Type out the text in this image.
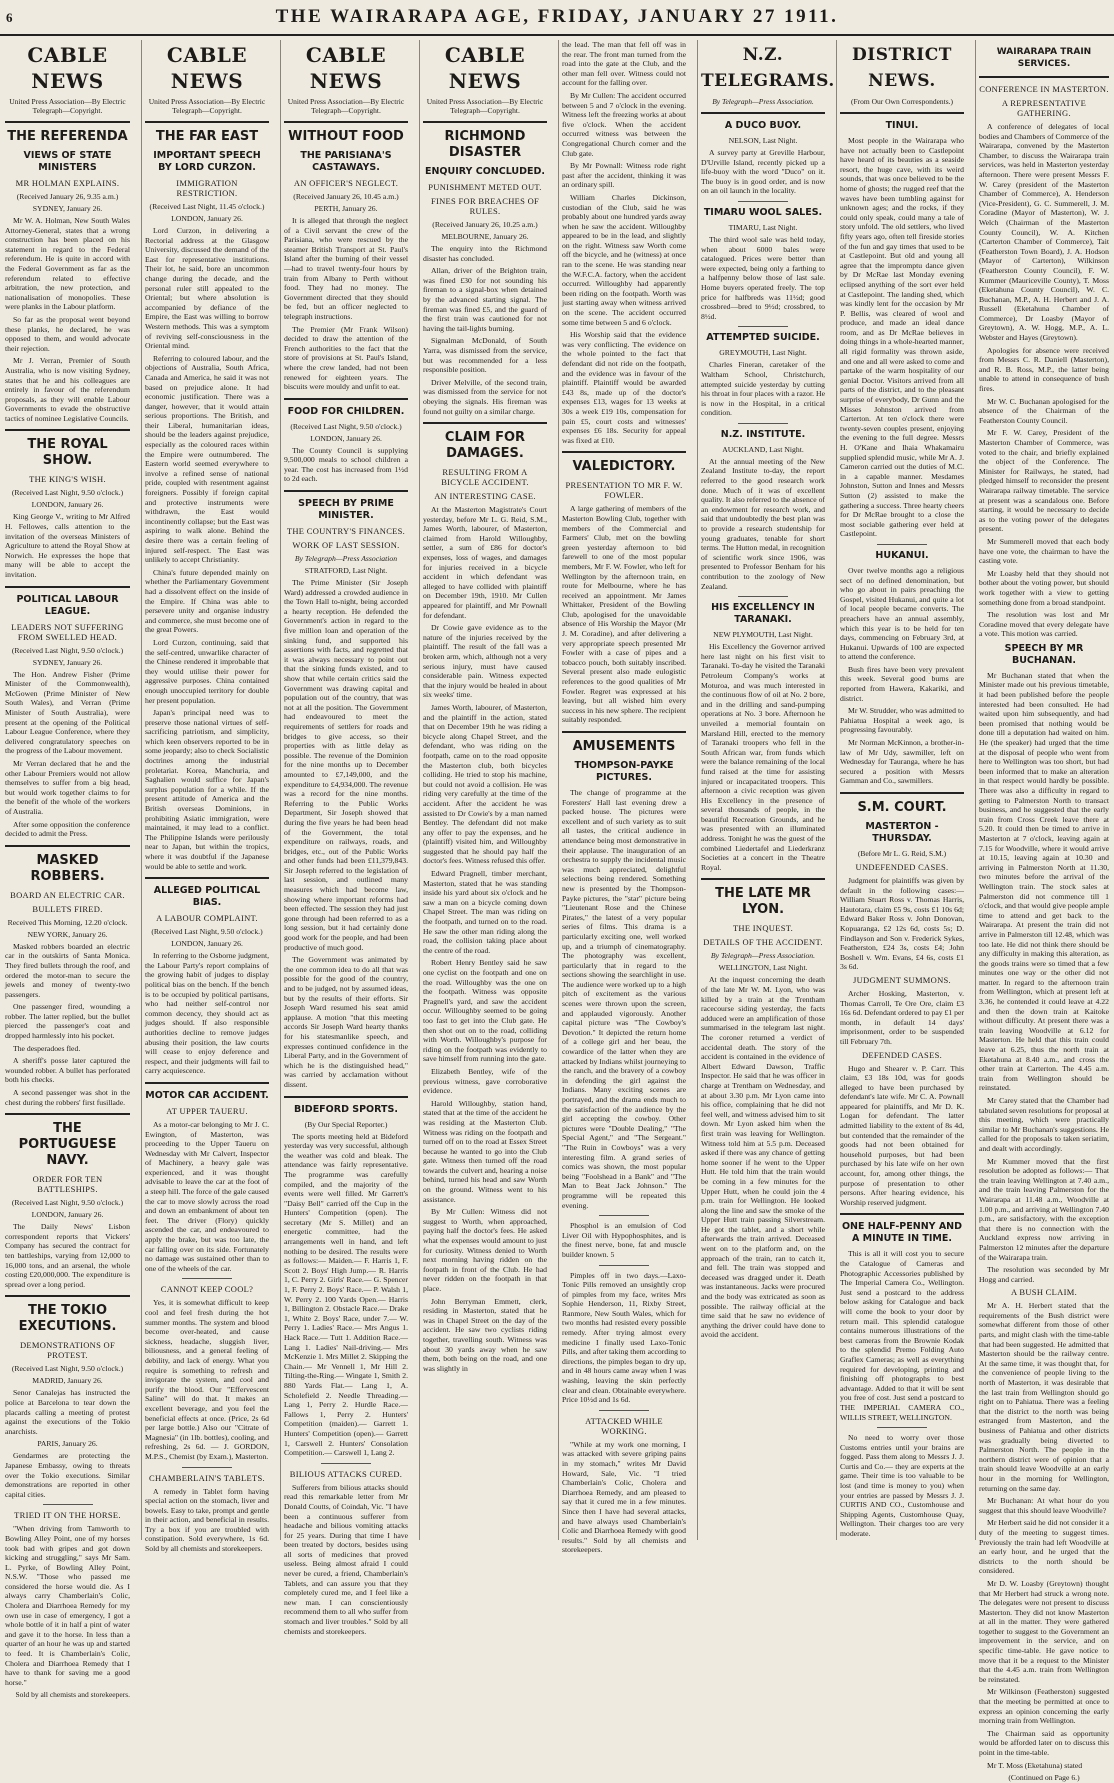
6	THE WAIRARAPA AGE, FRIDAY, JANUARY 27 1911.
CABLE NEWS
United Press Association—By Electric Telegraph—Copyright.
THE REFERENDA
VIEWS OF STATE MINISTERS
MR HOLMAN EXPLAINS.
(Received January 26, 9.35 a.m.)
SYDNEY, January 26.

Mr W. A. Holman, New South Wales Attorney-General, states that a wrong construction has been placed on his statement in regard to the Federal referendum. He is quite in accord with the Federal Government as far as the referendum related to effective arbitration, the new protection, and nationalisation of monopolies. These were planks in the Labour platform.

So far as the proposal went beyond these planks, he declared, he was opposed to them, and would advocate their rejection.

Mr J. Verran, Premier of South Australia, who is now visiting Sydney, states that he and his colleagues are entirely in favour of the referendum proposals, as they will enable Labour Governments to evade the obstructive tactics of nominee Legislative Councils.

THE ROYAL SHOW.
THE KING'S WISH.
(Received Last Night, 9.50 o'clock.)
LONDON, January 26.

King George V., writing to Mr Alfred H. Fellowes, calls attention to the invitation of the overseas Ministers of Agriculture to attend the Royal Show at Norwich. He expresses the hope that many will be able to accept the invitation.

POLITICAL LABOUR LEAGUE.
LEADERS NOT SUFFERING FROM SWELLED HEAD.
(Received Last Night, 9.50 o'clock.)
SYDNEY, January 26.

The Hon. Andrew Fisher (Prime Minister of the Commonwealth), McGowen (Prime Minister of New South Wales), and Verran (Prime Minister of South Australia), were present at the opening of the Political Labour League Conference, where they delivered congratulatory speeches on the progress of the Labour movement.

Mr Verran declared that he and the other Labour Premiers would not allow themselves to suffer from a big head, but would work together claims to for the benefit of the whole of the workers of Australia.

After some opposition the conference decided to admit the Press.

MASKED ROBBERS.
BOARD AN ELECTRIC CAR.
BULLETS FIRED.
Received This Morning, 12.20 o'clock.
NEW YORK, January 26.

Masked robbers boarded an electric car in the outskirts of Santa Monica. They fired bullets through the roof, and ordered the motor-man to secure the jewels and money of twenty-two passengers.

One passenger fired, wounding a robber. The latter replied, but the bullet pierced the passenger's coat and dropped harmlessly into his pocket.

The desperadoes fled.

A sheriff's posse later captured the wounded robber. A bullet has perforated both his checks.

A second passenger was shot in the chest during the robbers' first fusillade.

THE PORTUGUESE NAVY.
ORDER FOR TEN BATTLESHIPS.
(Received Last Night, 9.50 o'clock.)
LONDON, January 26.

The Daily News' Lisbon correspondent reports that Vickers' Company has secured the contract for ten battleships, varying from 12,000 to 16,000 tons, and an arsenal, the whole costing £20,000,000. The expenditure is spread over a long period.

THE TOKIO EXECUTIONS.
DEMONSTRATIONS OF PROTEST.
(Received Last Night, 9.50 o'clock.)
MADRID, January 26.

Senor Canalejas has instructed the police at Barcelona to tear down the placards calling a meeting of protest against the executions of the Tokio anarchists.

PARIS, January 26.

Gendarmes are protecting the Japanese Embassy, owing to threats over the Tokio executions. Similar demonstrations are reported in other capital cities.

TRIED IT ON THE HORSE.

"When driving from Tamworth to Bowling Alley Point, one of my horses took bad with gripes and got down kicking and struggling," says Mr Sam. L. Pyrke, of Bowling Alley Point, N.S.W. "Those who passed me considered the horse would die. As I always carry Chamberlain's Colic, Cholera and Diarrhoea Remedy for my own use in case of emergency, I got a whole bottle of it in half a pint of water and gave it to the horse. In less than a quarter of an hour he was up and started to feed. It is Chamberlain's Colic, Cholera and Diarrhoea Remedy that I have to thank for saving me a good horse."

Sold by all chemists and storekeepers.
CABLE NEWS
United Press Association—By Electric Telegraph—Copyright.
THE FAR EAST
IMPORTANT SPEECH BY LORD CURZON.
IMMIGRATION RESTRICTION.
(Received Last Night, 11.45 o'clock.)
LONDON, January 26.

Lord Curzon, in delivering a Rectorial address at the Glasgow University, discussed the demand of the East for representative institutions. Their lot, he said, bore an uncommon change during the decade, and the personal ruler still appealed to the Oriental; but where absolution is accompanied by defiance of the Empire, the East was willing to borrow Western methods. This was a symptom of reviving self-consciousness in the Oriental mind.

Referring to coloured labour, and the objections of Australia, South Africa, Canada and America, he said it was not based on prejudice alone. It had economic justification. There was a danger, however, that it would attain serious proportions. The British, and their Liberal, humanitarian ideas, should be the leaders against prejudice, especially as the coloured races within the Empire were outnumbered. The Eastern world seemed everywhere to involve a refined sense of national pride, coupled with resentment against foreigners. Possibly if foreign capital and protective instruments were withdrawn, the East would incontinently collapse; but the East was aspiring to walk alone. Behind the desire there was a certain feeling of injured self-respect. The East was unlikely to accept Christianity.

China's future depended mainly on whether the Parliamentary Government had a dissolvent effect on the inside of the Empire. If China was able to persevere unity and organise industry and commerce, she must become one of the great Powers.

Lord Curzon, continuing, said that the self-centred, unwarlike character of the Chinese rendered it improbable that they would utilise their power for aggressive purposes. China contained enough unoccupied territory for double her present population.

Japan's principal need was to preserve those national virtues of self-sacrificing patriotism, and simplicity, which keen observers reported to be in some jeopardy; also to check Socialistic doctrines among the industrial proletariat. Korea, Manchuria, and Saghalien would suffice for Japan's surplus population for a while. If the present attitude of America and the British overseas Dominions, in prohibiting Asiatic immigration, were maintained, it may lead to a conflict. The Philippine Islands were perilously near to Japan, but within the tropics, where it was doubtful if the Japanese would be able to settle and work.

ALLEGED POLITICAL BIAS.
A LABOUR COMPLAINT.
(Received Last Night, 9.50 o'clock.)
LONDON, January 26.

In referring to the Osborne judgment, the Labour Party's report complains of the growing habit of judges to display political bias on the bench. If the bench is to be occupied by political partisans, who had neither self-control nor common decency, they should act as judges should. If also responsible authorities decline to remove judges abusing their position, the law courts will cease to enjoy deference and respect, and their judgments will fail to carry acquiescence.

MOTOR CAR ACCIDENT.
AT UPPER TAUERU.

As a motor-car belonging to Mr J. C. Ewington, of Masterton, was proceeding to the Upper Taueru on Wednesday with Mr Calvert, Inspector of Machinery, a heavy gale was experienced, and it was thought advisable to leave the car at the foot of a steep hill. The force of the gale caused the car to move slowly across the road and down an embankment of about ten feet. The driver (Flory) quickly ascended the car, and endeavoured to apply the brake, but was too late, the car falling over on its side. Fortunately no damage was sustained other than to one of the wheels of the car.

CANNOT KEEP COOL?

Yes, it is somewhat difficult to keep cool and feel fresh during the hot summer months. The system and blood become over-heated, and cause sickness, headache, sluggish liver, biliousness, and a general feeling of debility, and lack of energy. What you require is something to refresh and invigorate the system, and cool and purify the blood. Our "Effervescent Saline" will do that. It makes an excellent beverage, and you feel the beneficial effects at once. (Price, 2s 6d per large bottle.) Also our "Citrate of Magnesia" (in 1lb. bottles), cooling, and refreshing, 2s 6d. — J. GORDON, M.P.S., Chemist (by Exam.), Masterton.

CHAMBERLAIN'S TABLETS.

A remedy in Tablet form having special action on the stomach, liver and bowels. Easy to take, prompt and gentle in their action, and beneficial in results. Try a box if you are troubled with constipation. Sold everywhere, 1s 6d. Sold by all chemists and storekeepers.

CABLE NEWS
United Press Association—By Electric Telegraph—Copyright.
WITHOUT FOOD
THE PARISIANA'S CASTAWAYS.
AN OFFICER'S NEGLECT.
(Received January 26, 10.45 a.m.)
PERTH, January 26.

It is alleged that through the neglect of a Civil servant the crew of the Parisiana, who were rescued by the steamer British Transport at St. Paul's Island after the burning of their vessel—had to travel twenty-four hours by train from Albany to Perth without food. They had no money. The Government directed that they should be fed, but an officer neglected to telegraph instructions.

The Premier (Mr Frank Wilson) decided to draw the attention of the French authorities to the fact that the store of provisions at St. Paul's Island, where the crew landed, had not been renewed for eighteen years. The biscuits were mouldy and unfit to eat.

FOOD FOR CHILDREN.
(Received Last Night, 9.50 o'clock.)
LONDON, January 26.

The County Council is supplying 9,500,000 meals to school children a year. The cost has increased from 1½d to 2d each.

SPEECH BY PRIME MINISTER.
THE COUNTRY'S FINANCES.
WORK OF LAST SESSION.
By Telegraph—Press Association
STRATFORD, Last Night.

The Prime Minister (Sir Joseph Ward) addressed a crowded audience in the Town Hall to-night, being accorded a hearty reception. He defended the Government's action in regard to the five million loan and operation of the sinking fund, and supported his assertions with facts, and regretted that it was always necessary to point out that the sinking funds existed, and to show that while certain critics said the Government was drawing capital and population out of the country, that was not at all the position. The Government had endeavoured to meet the requirements of settlers for roads and bridges to give access, so their properties with as little delay as possible. The revenue of the Dominion for the nine months up to December amounted to £7,149,000, and the expenditure to £4,934,000. The revenue was a record for the nine months. Referring to the Public Works Department, Sir Joseph showed that during the five years he had been head of the Government, the total expenditure on railways, roads, and bridges, etc., out of the Public Works and other funds had been £11,379,843. Sir Joseph referred to the legislation of last session, and outlined many measures which had become law, showing where important reforms had been effected. The session they had just gone through had been referred to as a long session, but it had certainly done good work for the people, and had been productive of much good.

The Government was animated by the one common idea to do all that was possible for the good of the country, and to be judged, not by assumed ideas, but by the results of their efforts. Sir Joseph Ward resumed his seat amid applause. A motion "that this meeting accords Sir Joseph Ward hearty thanks for his statesmanlike speech, and expresses continued confidence in the Liberal Party, and in the Government of which he is the distinguished head," was carried by acclamation without dissent.

BIDEFORD SPORTS.
(By Our Special Reporter.)

The sports meeting held at Bideford yesterday was very successful, although the weather was cold and bleak. The attendance was fairly representative. The programme was carefully compiled, and the majority of the events were well filled. Mr Garrett's "Daisy Bell" carried off the Cup in the Hunters' Competition (open). The secretary (Mr S. Millet) and an energetic committee, had the arrangements well in hand, and left nothing to be desired. The results were as follows:— Maiden.— F. Harris 1, F. Scott 2. Boys' High Jump.— R. Harris 1, C. Perry 2. Girls' Race.— G. Spencer 1, F. Perry 2. Boys' Race.— P. Walsh 1, W. Perry 2. 100 Yards Open.— Harris 1, Billington 2. Obstacle Race.— Drake 1, White 2. Boys' Race, under 7.— W. Perry 1. Ladies' Race.— Mrs Angus 1. Hack Race.— Tutt 1. Addition Race.— Lang 1. Ladies' Nail-driving.— Mrs McKenzie 1. Mrs Millet 2. Skipping the Chain.— Mr Vennell 1, Mr Hill 2. Tilting-the-Ring.— Wingate 1, Smith 2. 880 Yards Flat.— Lang 1, A. Scholefield 2. Needle Threading.— Lang 1, Perry 2. Hurdle Race.— Fallows 1, Perry 2. Hunters' Competition (maiden).— Garrett 1. Hunters' Competition (open).— Garrett 1, Carswell 2. Hunters' Consolation Competition.— Carswell 1, Lang 2.

BILIOUS ATTACKS CURED.

Sufferers from bilious attacks should read this remarkable letter from Mr Donald Coutts, of Coindah, Vic. "I have been a continuous sufferer from headache and bilious vomiting attacks for 25 years. During that time I have been treated by doctors, besides using all sorts of medicines that proved useless. Being almost afraid I could never be cured, a friend, Chamberlain's Tablets, and can assure you that they completely cured me, and I feel like a new man. I can conscientiously recommend them to all who suffer from stomach and liver troubles." Sold by all chemists and storekeepers.

CABLE NEWS
United Press Association—By Electric Telegraph—Copyright.
RICHMOND DISASTER
ENQUIRY CONCLUDED.
PUNISHMENT METED OUT.
FINES FOR BREACHES OF RULES.
(Received January 26, 10.25 a.m.)
MELBOURNE, January 26.

The enquiry into the Richmond disaster has concluded.

Allan, driver of the Brighton train, was fined £30 for not sounding his fireman to a signal-box when detained by the advanced starting signal. The fireman was fined £5, and the guard of the first train was cautioned for not having the tail-lights burning.

Signalman McDonald, of South Yarra, was dismissed from the service, but was recommended for a less responsible position.

Driver Melville, of the second train, was dismissed from the service for not obeying the signals. His fireman was found not guilty on a similar charge.

CLAIM FOR DAMAGES.
RESULTING FROM A BICYCLE ACCIDENT.
AN INTERESTING CASE.

At the Masterton Magistrate's Court yesterday, before Mr L. G. Reid, S.M., James Worth, labourer, of Masterton, claimed from Harold Willoughby, settler, a sum of £86 for doctor's expenses, loss of wages, and damages for injuries received in a bicycle accident in which defendant was alleged to have collided with plaintiff on December 19th, 1910. Mr Cullen appeared for plaintiff, and Mr Pownall for defendant.

Dr Cowie gave evidence as to the nature of the injuries received by the plaintiff. The result of the fall was a broken arm, which, although not a very serious injury, must have caused considerable pain. Witness expected that the injury would be healed in about six weeks' time.

James Worth, labourer, of Masterton, and the plaintiff in the action, stated that on December 19th he was riding a bicycle along Chapel Street, and the defendant, who was riding on the footpath, came on to the road opposite the Masterton club, both bicycles colliding. He tried to stop his machine, but could not avoid a collision. He was riding very carefully at the time of the accident. After the accident he was assisted to Dr Cowie's by a man named Bentley. The defendant did not make any offer to pay the expenses, and he (plaintiff) visited him, and Willoughby suggested that he should pay half the doctor's fees. Witness refused this offer.

Edward Pragnell, timber merchant, Masterton, stated that he was standing inside his yard about six o'clock and he saw a man on a bicycle coming down Chapel Street. The man was riding on the footpath, and turned on to the road. He saw the other man riding along the road, the collision taking place about the centre of the road.

Robert Henry Bentley said he saw one cyclist on the footpath and one on the road. Willoughby was the one on the footpath. Witness was opposite Pragnell's yard, and saw the accident occur. Willoughby seemed to be going too fast to get into the Club gate. He then shot out on to the road, colliding with Worth. Willoughby's purpose for riding on the footpath was evidently to save himself from running into the gate.

Elizabeth Bentley, wife of the previous witness, gave corroborative evidence.

Harold Willoughby, station hand, stated that at the time of the accident he was residing at the Masterton Club. Witness was riding on the footpath and turned off on to the road at Essex Street because he wanted to go into the Club gate. Witness then turned off the road towards the culvert and, hearing a noise behind, turned his head and saw Worth on the ground. Witness went to his assistance.

By Mr Cullen: Witness did not suggest to Worth, when approached, paying half the doctor's fees. He asked what the expenses would amount to just for curiosity. Witness denied to Worth next morning having ridden on the footpath in front of the Club. He had never ridden on the footpath in that place.

John Berryman Emmett, clerk, residing in Masterton, stated that he was in Chapel Street on the day of the accident. He saw two cyclists riding together, travelling south. Witness was about 30 yards away when he saw them, both being on the road, and one was slightly in

the lead. The man that fell off was in the rear. The front man turned from the road into the gate at the Club, and the other man fell over. Witness could not account for the falling over.

By Mr Cullen: The accident occurred between 5 and 7 o'clock in the evening. Witness left the freezing works at about five o'clock. When the accident occurred witness was between the Congregational Church corner and the Club gate.

By Mr Pownall: Witness rode right past after the accident, thinking it was an ordinary spill.

William Charles Dickinson, custodian of the Club, said he was probably about one hundred yards away when he saw the accident. Willoughby appeared to be in the lead, and slightly on the right. Witness saw Worth come off the bicycle, and he (witness) at once ran to the scene. He was standing near the W.F.C.A. factory, when the accident occurred. Willoughby had apparently been riding on the footpath. Worth was just starting away when witness arrived on the scene. The accident occurred some time between 5 and 6 o'clock.

His Worship said that the evidence was very conflicting. The evidence on the whole pointed to the fact that defendant did not ride on the footpath, and the evidence was in favour of the plaintiff. Plaintiff would be awarded £43 8s, made up of the doctor's expenses £13, wages for 13 weeks at 30s a week £19 10s, compensation for pain £5, court costs and witnesses' expenses £6 18s. Security for appeal was fixed at £10.

VALEDICTORY.
PRESENTATION TO MR F. W. FOWLER.

A large gathering of members of the Masterton Bowling Club, together with members of the Commercial and Farmers' Club, met on the bowling green yesterday afternoon to bid farewell to one of the most popular members, Mr F. W. Fowler, who left for Wellington by the afternoon train, en route for Melbourne, where he has received an appointment. Mr James Whittaker, President of the Bowling Club, apologised for the unavoidable absence of His Worship the Mayor (Mr J. M. Coradine), and after delivering a very appropriate speech presented Mr Fowler with a case of pipes and a tobacco pouch, both suitably inscribed. Several present also made eulogistic references to the good qualities of Mr Fowler. Regret was expressed at his leaving, but all wished him every success in his new sphere. The recipient suitably responded.

AMUSEMENTS
THOMPSON-PAYKE PICTURES.

The change of programme at the Foresters' Hall last evening drew a packed house. The pictures were excellent and of such variety as to suit all tastes, the critical audience in attendance being most demonstrative in their applause. The inauguration of an orchestra to supply the incidental music was much appreciated, delightful selections being rendered. Something new is presented by the Thompson-Payke pictures, the "star" picture being "Lieutenant Rose and the Chinese Pirates," the latest of a very popular series of films. This drama is a particularly exciting one, well worked up, and a triumph of cinematography. The photography was excellent, particularly that in regard to the sections showing the searchlight in use. The audience were worked up to a high pitch of excitement as the various scenes were thrown upon the screen, and applauded vigorously. Another capital picture was "The Cowboy's Devotion." It depicted the return home of a college girl and her beau, the cowardice of the latter when they are attacked by Indians whilst journeying to the ranch, and the bravery of a cowboy in defending the girl against the Indians. Many exciting scenes are portrayed, and the drama ends much to the satisfaction of the audience by the girl accepting the cowboy. Other pictures were "Double Dealing," "The Special Agent," and "The Sergeant." "The Ruin in Cowboys" was a very interesting film. A grand series of comics was shown, the most popular being "Foolshead in a Bank" and "The Man to Beat Jack Johnson." The programme will be repeated this evening.

Phosphol is an emulsion of Cod Liver Oil with Hypophosphites, and is the finest nerve, bone, fat and muscle builder known. 5

Pimples off in two days.—Laxo-Tonic Pills removed an unsightly crop of pimples from my face, writes Mrs Sophie Henderson, 11, Rixby Street, Ranmore, New South Wales, which for two months had resisted every possible remedy. After trying almost every medicine I finally used Laxo-Tonic Pills, and after taking them according to directions, the pimples began to dry up, and in 48 hours came away when I was washing, leaving the skin perfectly clear and clean. Obtainable everywhere. Price 10½d and 1s 6d.

ATTACKED WHILE WORKING.

"While at my work one morning, I was attacked with severe griping pains in my stomach," writes Mr David Howard, Sale, Vic. "I tried Chamberlain's Colic, Cholera and Diarrhoea Remedy, and am pleased to say that it cured me in a few minutes. Since then I have had several attacks, and have always used Chamberlain's Colic and Diarrhoea Remedy with good results." Sold by all chemists and storekeepers.

N.Z. TELEGRAMS.
By Telegraph—Press Association.
A DUCO BUOY.
NELSON, Last Night.

A survey party at Greville Harbour, D'Urville Island, recently picked up a life-buoy with the word "Duco" on it. The buoy is in good order, and is now on an oil launch in the locality.

TIMARU WOOL SALES.
TIMARU, Last Night.

The third wool sale was held today, when about 6000 bales were catalogued. Prices were better than were expected, being only a farthing to a halfpenny below those of last sale. Home buyers operated freely. The top price for halfbreds was 11½d; good crossbred—bred to 9½d; crossbred, to 8½d.

ATTEMPTED SUICIDE.
GREYMOUTH, Last Night.

Charles Fineran, caretaker of the Waltham School, Christchurch, attempted suicide yesterday by cutting his throat in four places with a razor. He is now in the Hospital, in a critical condition.

N.Z. INSTITUTE.
AUCKLAND, Last Night.

At the annual meeting of the New Zealand Institute to-day, the report referred to the good research work done. Much of it was of excellent quality. It also referred to the absence of an endowment for research work, and said that undoubtedly the best plan was to provide a research studentship for young graduates, tenable for short terms. The Hutton medal, in recognition of scientific work since 1906, was presented to Professor Benham for his contribution to the zoology of New Zealand.

HIS EXCELLENCY IN TARANAKI.
NEW PLYMOUTH, Last Night.

His Excellency the Governor arrived here last night on his first visit to Taranaki. To-day he visited the Taranaki Petroleum Company's works at Moturoa, and was much interested in the continuous flow of oil at No. 2 bore, and in the drilling and sand-pumping operations at No. 3 bore. Afternoon he unveiled a memorial fountain on Marsland Hill, erected to the memory of Taranaki troopers who fell in the South African war, from funds which were the balance remaining of the local fund raised at the time for assisting injured or incapacitated troopers. This afternoon a civic reception was given His Excellency in the presence of several thousands of people, in the beautiful Recreation Grounds, and he was presented with an illuminated address. Tonight he was the guest of the combined Liedertafel and Liederkranz Societies at a concert in the Theatre Royal.

THE LATE MR LYON.
THE INQUEST.
DETAILS OF THE ACCIDENT.
By Telegraph—Press Association.
WELLINGTON, Last Night.

At the inquest concerning the death of the late Mr W. M. Lyon, who was killed by a train at the Trentham racecourse siding yesterday, the facts adduced were an amplification of those summarised in the telegram last night. The coroner returned a verdict of accidental death. The story of the accident is contained in the evidence of Albert Edward Dawson, Traffic Inspector. He said that he was officer in charge at Trentham on Wednesday, and at about 3.30 p.m. Mr Lyon came into his office, complaining that he did not feel well, and witness advised him to sit down. Mr Lyon asked him when the first train was leaving for Wellington. Witness told him at 5.5 p.m. Deceased asked if there was any chance of getting home sooner if he went to the Upper Hutt. He told him that the train would be coming in a few minutes for the Upper Hutt, when he could join the 4 p.m. train for Wellington. He looked along the line and saw the smoke of the Upper Hutt train passing Silverstream. He got the tablet, and a short while afterwards the train arrived. Deceased went on to the platform and, on the approach of the train, ran to catch it, and fell. The train was stopped and deceased was dragged under it. Death was instantaneous. Jacks were procured and the body was extricated as soon as possible. The railway official at the time said that he saw no evidence of anything the driver could have done to avoid the accident.

DISTRICT NEWS.
(From Our Own Correspondents.)
TINUI.

Most people in the Wairarapa who have not actually been to Castlepoint have heard of its beauties as a seaside resort, the huge cave, with its weird sounds, that was once believed to be the home of ghosts; the rugged reef that the waves have been tumbling against for unknown ages; and the rocks, if they could only speak, could many a tale of story unfold. The old settlers, who lived fifty years ago, often tell fireside stories of the fun and gay times that used to be at Castlepoint. But old and young all agree that the impromptu dance given by Dr McRae last Monday evening eclipsed anything of the sort ever held at Castlepoint. The landing shed, which was kindly lent for the occasion by Mr P. Bellis, was cleared of wool and produce, and made an ideal dance room, and as Dr McRae believes in doing things in a whole-hearted manner, all rigid formality was thrown aside, and one and all were asked to come and partake of the warm hospitality of our genial Doctor. Visitors arrived from all parts of the district, and to the pleasant surprise of everybody, Dr Gunn and the Misses Johnston arrived from Carterton. At ten o'clock there were twenty-seven couples present, enjoying the evening to the full degree. Messrs H. O'Kane and Ihaia Whakamairu supplied splendid music, while Mr A. J. Cameron carried out the duties of M.C. in a capable manner. Mesdames Johnston, Sutton and Innes and Messrs Sutton (2) assisted to make the gathering a success. Three hearty cheers for Dr McRae brought to a close the most sociable gathering ever held at Castlepoint.

HUKANUI.

Over twelve months ago a religious sect of no defined denomination, but who go about in pairs preaching the Gospel, visited Hukanui, and quite a lot of local people became converts. The preachers have an annual assembly, which this year is to be held for ten days, commencing on February 3rd, at Hukanui. Upwards of 100 are expected to attend the conference.

Bush fires have been very prevalent this week. Several good burns are reported from Hawera, Kakariki, and district.

Mr W. Strudder, who was admitted to Pahiatua Hospital a week ago, is progressing favourably.

Mr Norman McKinnon, a brother-in-law of Mr Udy, sawmiller, left on Wednesday for Tauranga, where he has secured a position with Messrs Gamman and Co., sawmillers.

S.M. COURT.
MASTERTON - THURSDAY.
(Before Mr L. G. Reid, S.M.)
UNDEFENDED CASES.

Judgment for plaintiffs was given by default in the following cases:— William Stuart Ross v. Thomas Harris, Hautotara, claim £5 9s, costs £1 10s 6d; Edward Baker Ross v. John Donovan, Kopuaranga, £2 12s 6d, costs 5s; D. Findlayson and Son v. Frederick Sykes, Featherston, £24 3s, costs £4; John Boshell v. Wm. Evans, £4 6s, costs £1 3s 6d.

JUDGMENT SUMMONS.

Archer Hosking, Masterton, v. Thomas Carroll, Te Ore Ore, claim £3 16s 6d. Defendant ordered to pay £1 per month, in default 14 days' imprisonment, order to be suspended till February 7th.

DEFENDED CASES.

Hugo and Shearer v. P. Carr. This claim, £3 18s 10d, was for goods alleged to have been purchased by defendant's late wife. Mr C. A. Pownall appeared for plaintiffs, and Mr D. K. Logan for defendant. The latter admitted liability to the extent of 8s 4d, but contended that the remainder of the goods had not been obtained for household purposes, but had been purchased by his late wife on her own account, for, among other things, the purpose of presentation to other persons. After hearing evidence, his Worship reserved judgment.

ONE HALF-PENNY AND A MINUTE IN TIME.

This is all it will cost you to secure the Catalogue of Cameras and Photographic Accessories published by The Imperial Camera Co., Wellington. Just send a postcard to the address below asking for Catalogue and back will come the book to your door by return mail. This splendid catalogue contains numerous illustrations of the best cameras from the Brownie Kodak to the splendid Premo Folding Auto Graflex Cameras; as well as everything required for developing, printing and finishing off photographs to best advantage. Added to that it will be sent you free of cost. Just send a postcard to THE IMPERIAL CAMERA CO., WILLIS STREET, WELLINGTON.

No need to worry over those Customs entries until your brains are fogged. Pass them along to Messrs J. J. Curtis and Co.— they are experts at the game. Their time is too valuable to be lost (and time is money to you) when your entries are passed by Messrs J. J. CURTIS AND CO., Customhouse and Shipping Agents, Customhouse Quay, Wellington. Their charges too are very moderate.

WAIRARAPA TRAIN SERVICES.
CONFERENCE IN MASTERTON.
A REPRESENTATIVE GATHERING.

A conference of delegates of local bodies and Chambers of Commerce of the Wairarapa, convened by the Masterton Chamber, to discuss the Wairarapa train services, was held in Masterton yesterday afternoon. There were present Messrs F. W. Carey (president of the Masterton Chamber of Commerce), A. Henderson (Vice-President), G. C. Summerell, J. M. Coradine (Mayor of Masterton), W. J. Welch (Chairman of the Masterton County Council), W. A. Kitchen (Carterton Chamber of Commerce), Tait (Featherston Town Board), J. A. Hodson (Mayor of Carterton), Wilkinson (Featherston County Council), F. W. Kummer (Mauriceville County), T. Moss (Eketahuna County Council), W. C. Buchanan, M.P., A. H. Herbert and J. A. Russell (Eketahuna Chamber of Commerce), Dr Loasby (Mayor of Greytown), A. W. Hogg, M.P., A. L. Webster and Hayes (Greytown).

Apologies for absence were received from Messrs C. R. Daniell (Masterton), and R. B. Ross, M.P., the latter being unable to attend in consequence of bush fires.

Mr W. C. Buchanan apologised for the absence of the Chairman of the Featherston County Council.

Mr F. W. Carey, President of the Masterton Chamber of Commerce, was voted to the chair, and briefly explained the object of the Conference. The Minister for Railways, he stated, had pledged himself to reconsider the present Wairarapa railway timetable. The service at present was a scandalous one. Before starting, it would be necessary to decide as to the voting power of the delegates present.

Mr Summerell moved that each body have one vote, the chairman to have the casting vote.

Mr Loasby held that they should not bother about the voting power, but should work together with a view to getting something done from a broad standpoint.

The resolution was lost and Mr Coradine moved that every delegate have a vote. This motion was carried.

SPEECH BY MR BUCHANAN.

Mr Buchanan stated that when the Minister made out his previous timetable, it had been published before the people interested had been consulted. He had waited upon him subsequently, and had been promised that nothing would be done till a deputation had waited on him. He (the speaker) had urged that the time at the disposal of people who went from here to Wellington was too short, but had been informed that to make an alteration in that respect would hardly be possible. There was also a difficulty in regard to getting to Palmerston North to transact business, and he suggested that the early train from Cross Creek leave there at 5.20. It could then be timed to arrive in Masterton at 7 o'clock, leaving again at 7.15 for Woodville, where it would arrive at 10.15, leaving again at 10.30 and arriving in Palmerston North at 11.30, two minutes before the arrival of the Wellington train. The stock sales at Palmerston did not commence till 1 o'clock, and that would give people ample time to attend and get back to the Wairarapa. At present the train did not arrive in Palmerston till 12.48, which was too late. He did not think there should be any difficulty in making this alteration, as the goods trains were so timed that a few minutes one way or the other did not matter. In regard to the afternoon train from Wellington, which at present left at 3.36, he contended it could leave at 4.22 and then the down train at Kaitoke without difficulty. At present there was a train leaving Woodville at 6.12 for Masterton. He held that this train could leave at 6.25, thus the north train at Eketahuna at 8.40 a.m., and cross the other train at Carterton. The 4.45 a.m. train from Wellington should be reinstated.

Mr Carey stated that the Chamber had tabulated seven resolutions for proposal at this meeting, which were practically similar to Mr Buchanan's suggestions. He called for the proposals to taken seriatim, and dealt with accordingly.

Mr Kummer moved that the first resolution be adopted as follows:— That the train leaving Wellington at 7.40 a.m., and the train leaving Palmerston for the Wairarapa at 11.48 a.m., Woodville at 1.00 p.m., and arriving at Wellington 7.40 p.m., are satisfactory, with the exception that there is no connection with the Auckland express now arriving in Palmerston 12 minutes after the departure of the Wairarapa train.

The resolution was seconded by Mr Hogg and carried.

A BUSH CLAIM.

Mr A. H. Herbert stated that the requirements of the Bush district were somewhat different from those of other parts, and might clash with the time-table that had been suggested. He admitted that Masterton should be the railway centre. At the same time, it was thought that, for the convenience of people living to the north of Masterton, it was desirable that the last train from Wellington should go right on to Pahiatua. There was a feeling that the district to the north was being estranged from Masterton, and the business of Pahiatua and other districts was gradually being diverted to Palmerston North. The people in the northern district were of opinion that a train should leave Woodville at an early hour in the morning for Wellington, returning on the same day.

Mr Buchanan: At what hour do you suggest that this should leave Woodville?

Mr Herbert said he did not consider it a duty of the meeting to suggest times. Previously the train had left Woodville at an early hour, and he urged that the districts to the north should be considered.

Mr D. W. Loasby (Greytown) thought that Mr Herbert had struck a wrong note. The delegates were not present to discuss Masterton. They did not know Masterton at all in the matter. They were gathered together to suggest to the Government an improvement in the service, and on specific time-table. He gave notice to move that it be a request to the Minister that the 4.45 a.m. train from Wellington be reinstated.

Mr Wilkinson (Featherston) suggested that the meeting be permitted at once to express an opinion concerning the early morning train from Wellington.

The Chairman said as opportunity would be afforded later on to discuss this point in the time-table.

Mr T. Moss (Eketahuna) stated

(Continued on Page 6.)
